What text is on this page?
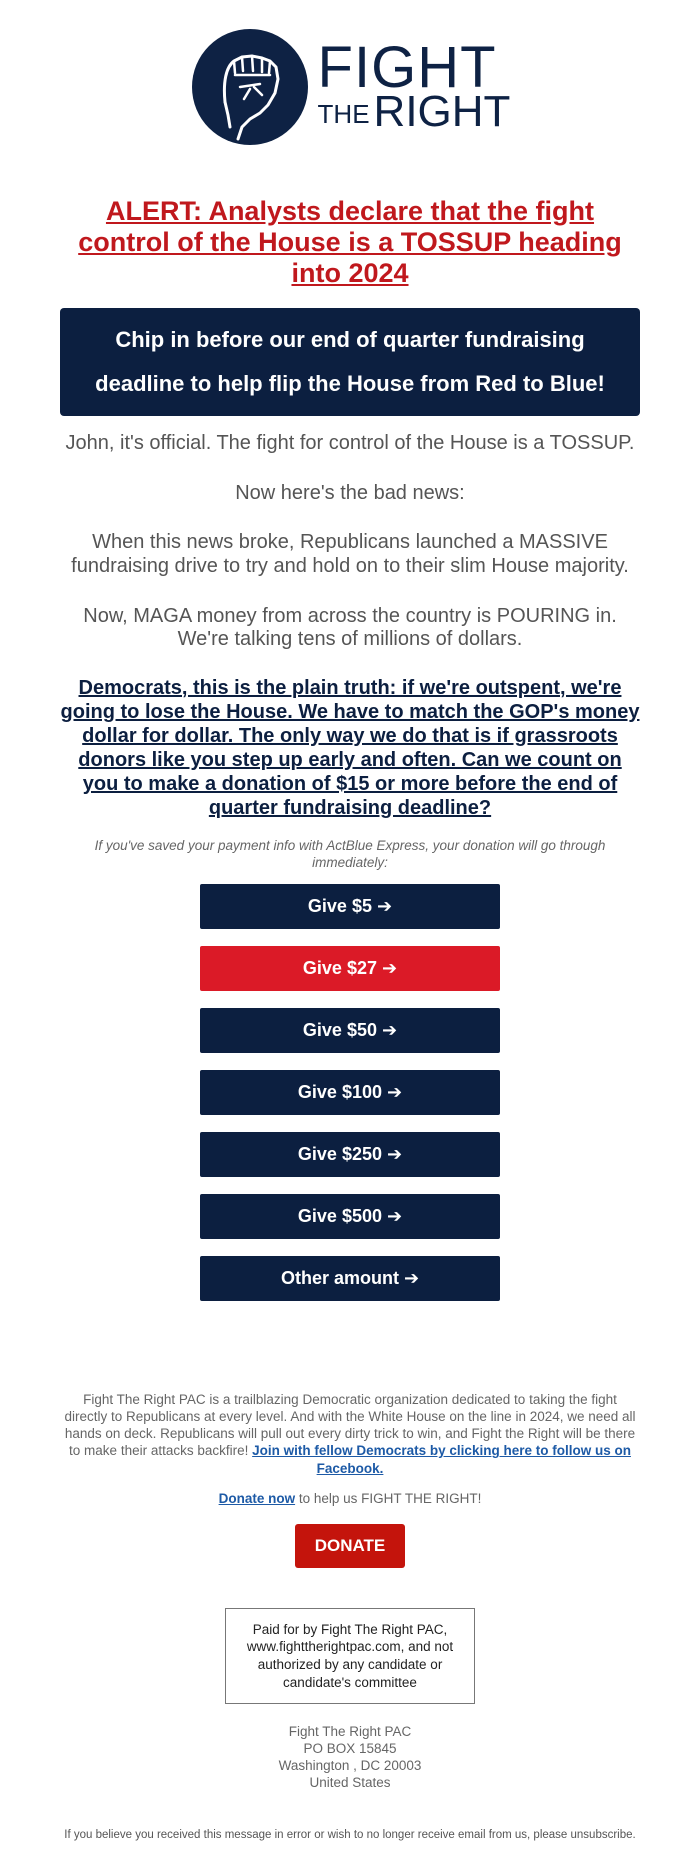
FIGHT
THE RIGHT
ALERT: Analysts declare that the fight control of the House is a TOSSUP heading into 2024
Chip in before our end of quarter fundraising
deadline to help flip the House from Red to Blue!

John, it's official. The fight for control of the House is a TOSSUP.

Now here's the bad news:

When this news broke, Republicans launched a MASSIVE fundraising drive to try and hold on to their slim House majority.

Now, MAGA money from across the country is POURING in.
We're talking tens of millions of dollars.

Democrats, this is the plain truth: if we're outspent, we're going to lose the House. We have to match the GOP's money dollar for dollar. The only way we do that is if grassroots donors like you step up early and often. Can we count on you to make a donation of $15 or more before the end of quarter fundraising deadline?
If you've saved your payment info with ActBlue Express, your donation will go through immediately:
Give $5 ➔
Give $27 ➔
Give $50 ➔
Give $100 ➔
Give $250 ➔
Give $500 ➔
Other amount ➔
Fight The Right PAC is a trailblazing Democratic organization dedicated to taking the fight directly to Republicans at every level. And with the White House on the line in 2024, we need all hands on deck. Republicans will pull out every dirty trick to win, and Fight the Right will be there to make their attacks backfire! Join with fellow Democrats by clicking here to follow us on Facebook.
Donate now to help us FIGHT THE RIGHT!
DONATE
Paid for by Fight The Right PAC, www.fighttherightpac.com, and not authorized by any candidate or candidate's committee
Fight The Right PAC
PO BOX 15845
Washington , DC 20003
United States
If you believe you received this message in error or wish to no longer receive email from us, please unsubscribe.
